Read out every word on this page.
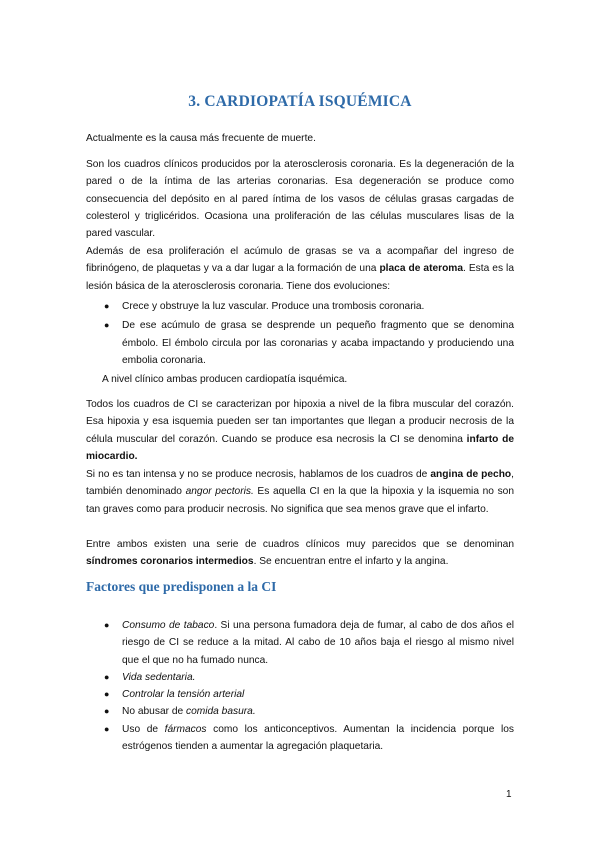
3. CARDIOPATÍA ISQUÉMICA

Actualmente es la causa más frecuente de muerte.

Son los cuadros clínicos producidos por la aterosclerosis coronaria. Es la degeneración de la pared o de la íntima de las arterias coronarias. Esa degeneración se produce como consecuencia del depósito en al pared íntima de los vasos de células grasas cargadas de colesterol y triglicéridos. Ocasiona una proliferación de las células musculares lisas de la pared vascular.

Además de esa proliferación el acúmulo de grasas se va a acompañar del ingreso de fibrinógeno, de plaquetas y va a dar lugar a la formación de una placa de ateroma. Esta es la lesión básica de la aterosclerosis coronaria. Tiene dos evoluciones:

● Crece y obstruye la luz vascular. Produce una trombosis coronaria.
● De ese acúmulo de grasa se desprende un pequeño fragmento que se denomina émbolo. El émbolo circula por las coronarias y acaba impactando y produciendo una embolia coronaria.

A nivel clínico ambas producen cardiopatía isquémica.

Todos los cuadros de CI se caracterizan por hipoxia a nivel de la fibra muscular del corazón. Esa hipoxia y esa isquemia pueden ser tan importantes que llegan a producir necrosis de la célula muscular del corazón. Cuando se produce esa necrosis la CI se denomina infarto de miocardio.

Si no es tan intensa y no se produce necrosis, hablamos de los cuadros de angina de pecho, también denominado angor pectoris. Es aquella CI en la que la hipoxia y la isquemia no son tan graves como para producir necrosis. No significa que sea menos grave que el infarto.

Entre ambos existen una serie de cuadros clínicos muy parecidos que se denominan síndromes coronarios intermedios. Se encuentran entre el infarto y la angina.

Factores que predisponen a la CI
● Consumo de tabaco. Si una persona fumadora deja de fumar, al cabo de dos años el riesgo de CI se reduce a la mitad. Al cabo de 10 años baja el riesgo al mismo nivel que el que no ha fumado nunca.
● Vida sedentaria.
● Controlar la tensión arterial
● No abusar de comida basura.
● Uso de fármacos como los anticonceptivos. Aumentan la incidencia porque los estrógenos tienden a aumentar la agregación plaquetaria.
1
